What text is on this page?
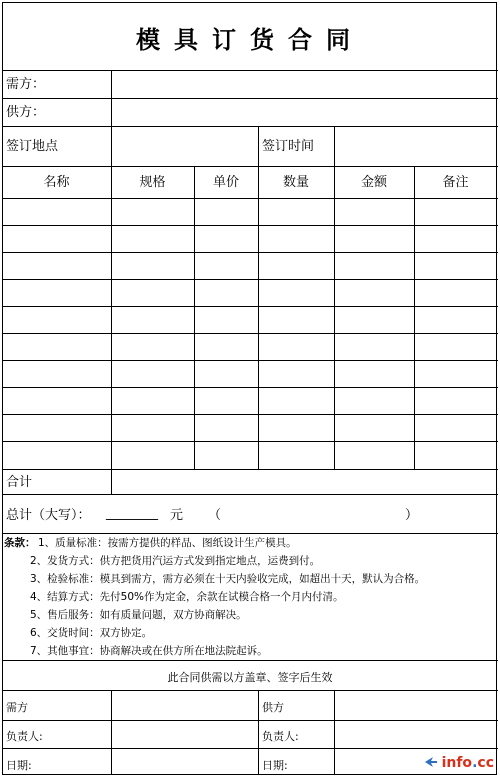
模具订货合同
需方：
供方：
签订地点	签订时间
名称	规格	单价	数量	金额	备注
合计
总计（大写）： ________ 元 （	）
条款： 1、质量标准：按需方提供的样品、图纸设计生产模具。
2、发货方式：供方把货用汽运方式发到指定地点，运费到付。
3、检验标准：模具到需方，需方必须在十天内验收完成，如超出十天，默认为合格。
4、结算方式：先付50%作为定金，余款在试模合格一个月内付清。
5、售后服务：如有质量问题，双方协商解决。
6、交货时间：双方协定。
7、其他事宜：协商解决或在供方所在地法院起诉。
此合同供需以方盖章、签字后生效
需方	供方
负责人:	负责人:
日期:	日期:	info.cc
